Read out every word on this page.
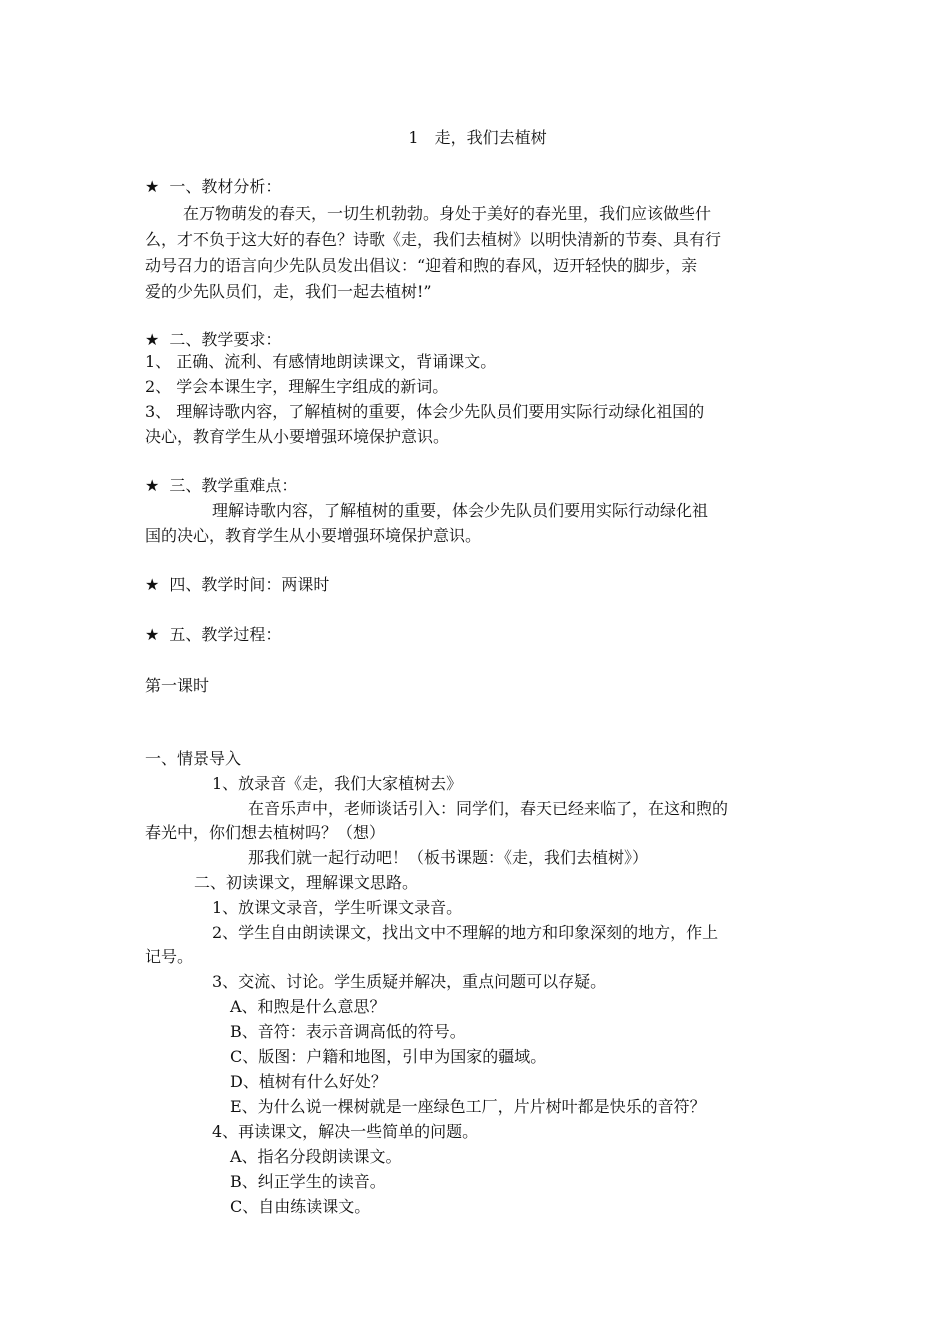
1　走，我们去植树
★ 一、教材分析：
在万物萌发的春天，一切生机勃勃。身处于美好的春光里，我们应该做些什
么，才不负于这大好的春色？诗歌《走，我们去植树》以明快清新的节奏、具有行
动号召力的语言向少先队员发出倡议：“迎着和煦的春风，迈开轻快的脚步，亲
爱的少先队员们，走，我们一起去植树!”
★ 二、教学要求：
1、 正确、流利、有感情地朗读课文，背诵课文。
2、 学会本课生字，理解生字组成的新词。
3、 理解诗歌内容，了解植树的重要，体会少先队员们要用实际行动绿化祖国的
决心，教育学生从小要增强环境保护意识。
★ 三、教学重难点：
理解诗歌内容，了解植树的重要，体会少先队员们要用实际行动绿化祖
国的决心，教育学生从小要增强环境保护意识。
★ 四、教学时间：两课时
★ 五、教学过程：
第一课时
一、情景导入
1、放录音《走，我们大家植树去》
在音乐声中，老师谈话引入：同学们，春天已经来临了，在这和煦的
春光中，你们想去植树吗？（想）
那我们就一起行动吧！（板书课题：《走，我们去植树》）
二、初读课文，理解课文思路。
1、放课文录音，学生听课文录音。
2、学生自由朗读课文，找出文中不理解的地方和印象深刻的地方，作上
记号。
3、交流、讨论。学生质疑并解决，重点问题可以存疑。
A、和煦是什么意思？
B、音符：表示音调高低的符号。
C、版图：户籍和地图，引申为国家的疆域。
D、植树有什么好处？
E、为什么说一棵树就是一座绿色工厂，片片树叶都是快乐的音符？
4、再读课文，解决一些简单的问题。
A、指名分段朗读课文。
B、纠正学生的读音。
C、自由练读课文。
